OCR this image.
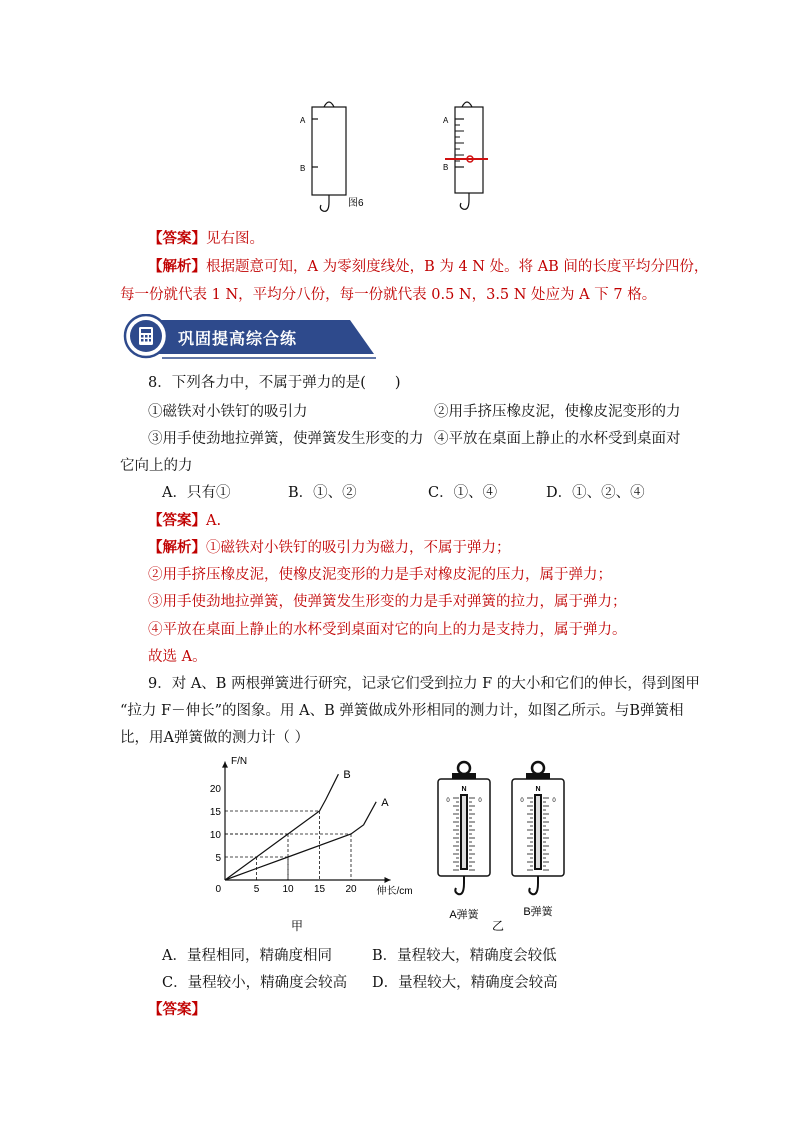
A
B
图6
A
B
【答案】见右图。
【解析】根据题意可知，A 为零刻度线处，B 为 4 N 处。将 AB 间的长度平均分四份，
每一份就代表 1 N，平均分八份，每一份就代表 0.5 N，3.5 N 处应为 A 下 7 格。
巩固提高综合练
8．下列各力中，不属于弹力的是(　　)
①磁铁对小铁钉的吸引力	②用手挤压橡皮泥，使橡皮泥变形的力
③用手使劲地拉弹簧，使弹簧发生形变的力 ④平放在桌面上静止的水杯受到桌面对
它向上的力
A．只有①	B．①、②	C．①、④	D．①、②、④
【答案】A.
【解析】①磁铁对小铁钉的吸引力为磁力，不属于弹力；
②用手挤压橡皮泥，使橡皮泥变形的力是手对橡皮泥的压力，属于弹力；
③用手使劲地拉弹簧，使弹簧发生形变的力是手对弹簧的拉力，属于弹力；
④平放在桌面上静止的水杯受到桌面对它的向上的力是支持力，属于弹力。
故选 A。
9．对 A、B 两根弹簧进行研究，记录它们受到拉力 F 的大小和它们的伸长，得到图甲
“拉力 F－伸长”的图象。用 A、B 弹簧做成外形相同的测力计，如图乙所示。与B弹簧相
比，用A弹簧做的测力计（ ）
5 10 15 20
5
10
15
20
0
F/N
伸长/cm
甲
B
A
N
0	0
N
0	0
A弹簧
乙
B弹簧
A．量程相同，精确度相同	B．量程较大，精确度会较低
C．量程较小，精确度会较高 D．量程较大，精确度会较高
【答案】
